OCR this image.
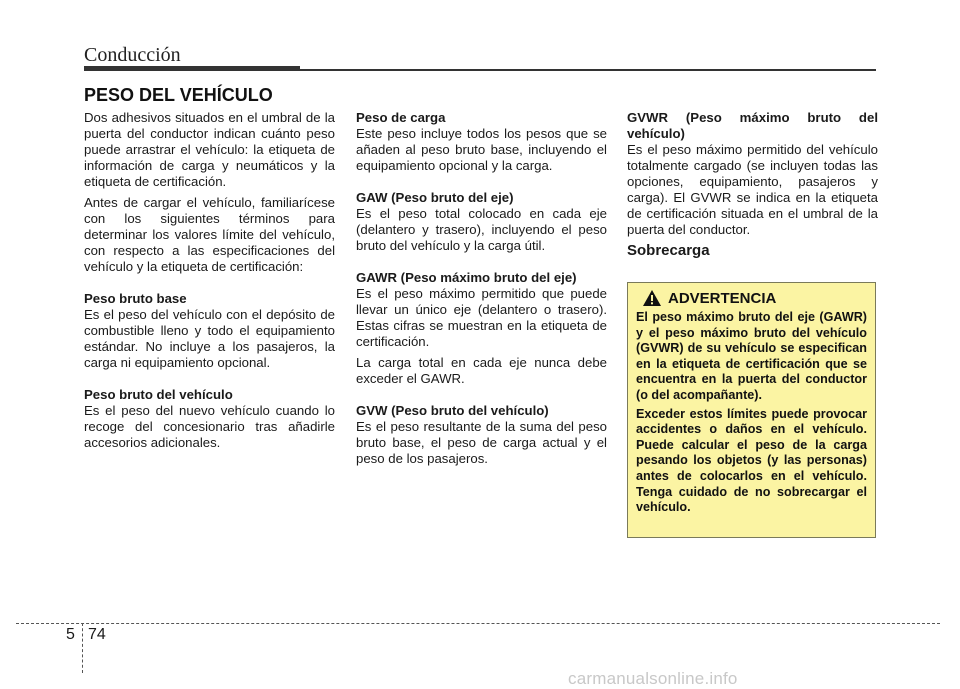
Conducción
PESO DEL VEHÍCULO

Dos adhesivos situados en el umbral de la puerta del conductor indican cuánto peso puede arrastrar el vehículo: la etiqueta de información de carga y neumáticos y la etiqueta de certificación.

Antes de cargar el vehículo, familiarícese con los siguientes términos para determinar los valores límite del vehículo, con respecto a las especificaciones del vehículo y la etiqueta de certificación:

Peso bruto base

Es el peso del vehículo con el depósito de combustible lleno y todo el equipamiento estándar. No incluye a los pasajeros, la carga ni equipamiento opcional.

Peso bruto del vehículo

Es el peso del nuevo vehículo cuando lo recoge del concesionario tras añadirle accesorios adicionales.

Peso de carga

Este peso incluye todos los pesos que se añaden al peso bruto base, incluyendo el equipamiento opcional y la carga.

GAW (Peso bruto del eje)

Es el peso total colocado en cada eje (delantero y trasero), incluyendo el peso bruto del vehículo y la carga útil.

GAWR (Peso máximo bruto del eje)

Es el peso máximo permitido que puede llevar un único eje (delantero o trasero). Estas cifras se muestran en la etiqueta de certificación.

La carga total en cada eje nunca debe exceder el GAWR.

GVW (Peso bruto del vehículo)

Es el peso resultante de la suma del peso bruto base, el peso de carga actual y el peso de los pasajeros.

GVWR (Peso máximo bruto del vehículo)

Es el peso máximo permitido del vehículo totalmente cargado (se incluyen todas las opciones, equipamiento, pasajeros y carga). El GVWR se indica en la etiqueta de certificación situada en el umbral de la puerta del conductor.

Sobrecarga

ADVERTENCIA

El peso máximo bruto del eje (GAWR) y el peso máximo bruto del vehículo (GVWR) de su vehículo se especifican en la etiqueta de certificación que se encuentra en la puerta del conductor (o del acompañante).

Exceder estos límites puede provocar accidentes o daños en el vehículo. Puede calcular el peso de la carga pesando los objetos (y las personas) antes de colocarlos en el vehículo. Tenga cuidado de no sobrecargar el vehículo.

5 74
carmanualsonline.info
